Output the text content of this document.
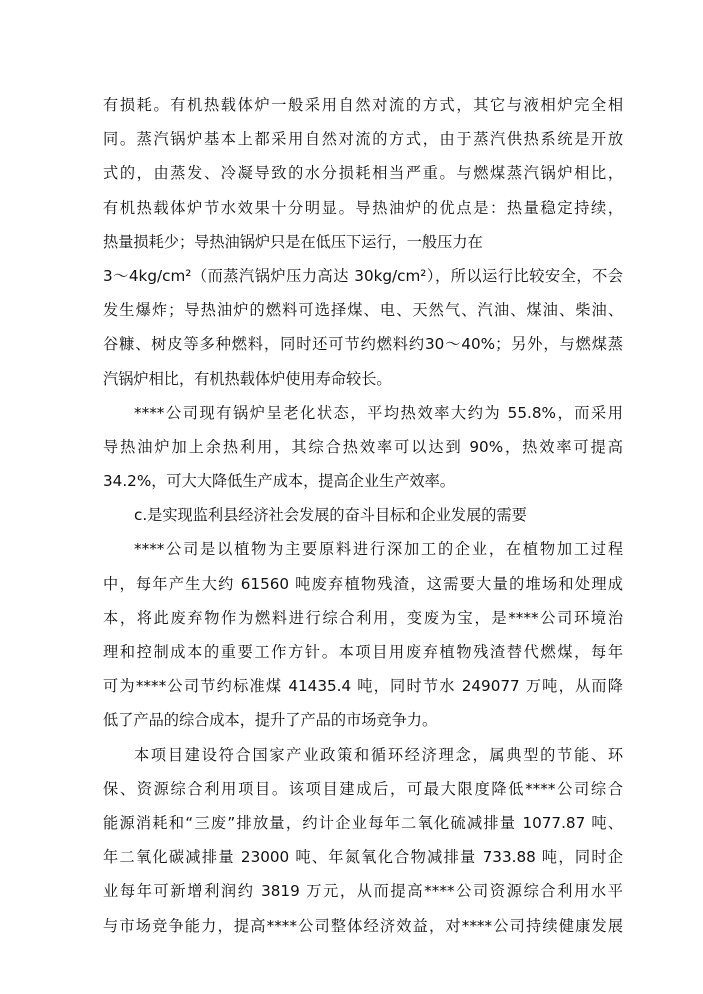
有损耗。有机热载体炉一般采用自然对流的方式，其它与液相炉完全相
同。蒸汽锅炉基本上都采用自然对流的方式，由于蒸汽供热系统是开放
式的，由蒸发、冷凝导致的水分损耗相当严重。与燃煤蒸汽锅炉相比，
有机热载体炉节水效果十分明显。导热油炉的优点是：热量稳定持续，
热量损耗少；导热油锅炉只是在低压下运行，一般压力在
3～4kg/cm²（而蒸汽锅炉压力高达 30kg/cm²），所以运行比较安全，不会
发生爆炸；导热油炉的燃料可选择煤、电、天然气、汽油、煤油、柴油、
谷糠、树皮等多种燃料，同时还可节约燃料约30～40%；另外，与燃煤蒸
汽锅炉相比，有机热载体炉使用寿命较长。
****公司现有锅炉呈老化状态，平均热效率大约为 55.8%，而采用
导热油炉加上余热利用，其综合热效率可以达到 90%，热效率可提高
34.2%，可大大降低生产成本，提高企业生产效率。
c.是实现监利县经济社会发展的奋斗目标和企业发展的需要
****公司是以植物为主要原料进行深加工的企业，在植物加工过程
中，每年产生大约 61560 吨废弃植物残渣，这需要大量的堆场和处理成
本，将此废弃物作为燃料进行综合利用，变废为宝，是****公司环境治
理和控制成本的重要工作方针。本项目用废弃植物残渣替代燃煤，每年
可为****公司节约标准煤 41435.4 吨，同时节水 249077 万吨，从而降
低了产品的综合成本，提升了产品的市场竞争力。
本项目建设符合国家产业政策和循环经济理念，属典型的节能、环
保、资源综合利用项目。该项目建成后，可最大限度降低****公司综合
能源消耗和“三废”排放量，约计企业每年二氧化硫减排量 1077.87 吨、
年二氧化碳减排量 23000 吨、年氮氧化合物减排量 733.88 吨，同时企
业每年可新增利润约 3819 万元，从而提高****公司资源综合利用水平
与市场竞争能力，提高****公司整体经济效益，对****公司持续健康发展
